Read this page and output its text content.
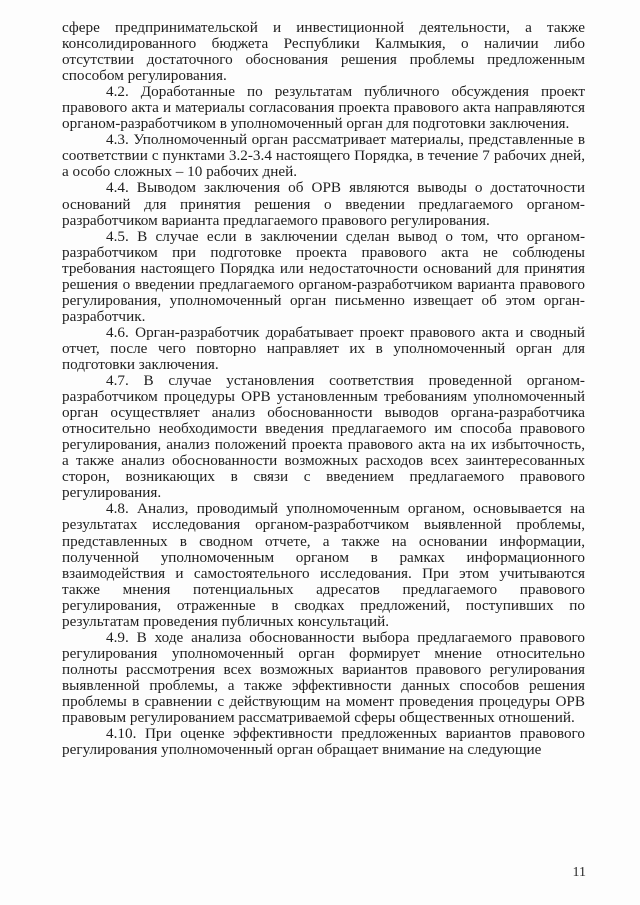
сфере предпринимательской и инвестиционной деятельности, а также консолидированного бюджета Республики Калмыкия, о наличии либо отсутствии достаточного обоснования решения проблемы предложенным способом регулирования.

4.2. Доработанные по результатам публичного обсуждения проект правового акта и материалы согласования проекта правового акта направляются органом-разработчиком в уполномоченный орган для подготовки заключения.

4.3. Уполномоченный орган рассматривает материалы, представленные в соответствии с пунктами 3.2-3.4 настоящего Порядка, в течение 7 рабочих дней, а особо сложных – 10 рабочих дней.

4.4. Выводом заключения об ОРВ являются выводы о достаточности оснований для принятия решения о введении предлагаемого органом-разработчиком варианта предлагаемого правового регулирования.

4.5. В случае если в заключении сделан вывод о том, что органом-разработчиком при подготовке проекта правового акта не соблюдены требования настоящего Порядка или недостаточности оснований для принятия решения о введении предлагаемого органом-разработчиком варианта правового регулирования, уполномоченный орган письменно извещает об этом орган-разработчик.

4.6. Орган-разработчик дорабатывает проект правового акта и сводный отчет, после чего повторно направляет их в уполномоченный орган для подготовки заключения.

4.7. В случае установления соответствия проведенной органом-разработчиком процедуры ОРВ установленным требованиям уполномоченный орган осуществляет анализ обоснованности выводов органа-разработчика относительно необходимости введения предлагаемого им способа правового регулирования, анализ положений проекта правового акта на их избыточность, а также анализ обоснованности возможных расходов всех заинтересованных сторон, возникающих в связи с введением предлагаемого правового регулирования.

4.8. Анализ, проводимый уполномоченным органом, основывается на результатах исследования органом-разработчиком выявленной проблемы, представленных в сводном отчете, а также на основании информации, полученной уполномоченным органом в рамках информационного взаимодействия и самостоятельного исследования. При этом учитываются также мнения потенциальных адресатов предлагаемого правового регулирования, отраженные в сводках предложений, поступивших по результатам проведения публичных консультаций.

4.9. В ходе анализа обоснованности выбора предлагаемого правового регулирования уполномоченный орган формирует мнение относительно полноты рассмотрения всех возможных вариантов правового регулирования выявленной проблемы, а также эффективности данных способов решения проблемы в сравнении с действующим на момент проведения процедуры ОРВ правовым регулированием рассматриваемой сферы общественных отношений.

4.10. При оценке эффективности предложенных вариантов правового регулирования уполномоченный орган обращает внимание на следующие

11
